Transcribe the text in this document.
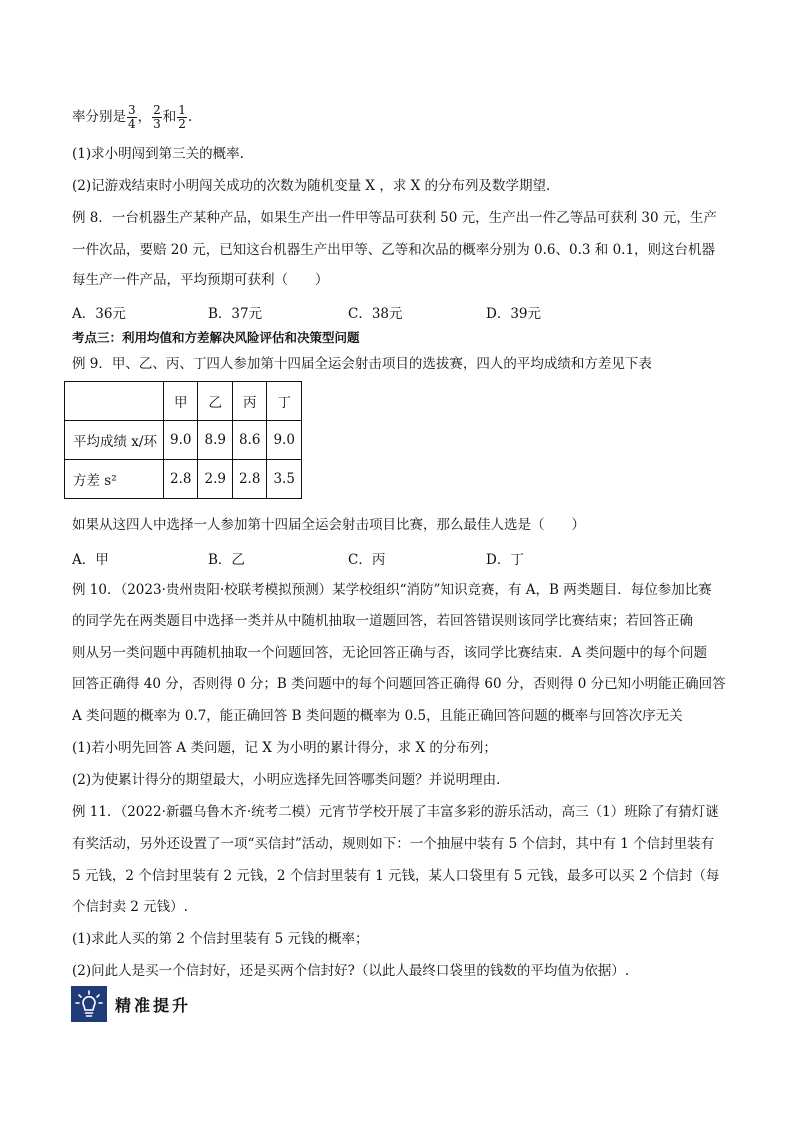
率分别是 $\frac{3}{4}$ ， $\frac{2}{3}$ 和 $\frac{1}{2}$ .
(1)求小明闯到第三关的概率.
(2)记游戏结束时小明闯关成功的次数为随机变量 X ，求 X 的分布列及数学期望.
例 8．一台机器生产某种产品，如果生产出一件甲等品可获利 50 元，生产出一件乙等品可获利 30 元，生产
一件次品，要赔 20 元，已知这台机器生产出甲等、乙等和次品的概率分别为 0.6、0.3 和 0.1，则这台机器
每生产一件产品，平均预期可获利（　　）
A．36元	B．37元	C．38元	D．39元
考点三：利用均值和方差解决风险评估和决策型问题
例 9．甲、乙、丙、丁四人参加第十四届全运会射击项目的选拔赛，四人的平均成绩和方差见下表
	甲	乙	丙	丁
平均成绩 x/环	9.0	8.9	8.6	9.0
方差 s²	2.8	2.9	2.8	3.5
如果从这四人中选择一人参加第十四届全运会射击项目比赛，那么最佳人选是（　　）
A．甲	B．乙	C．丙	D．丁
例 10．（2023·贵州贵阳·校联考模拟预测）某学校组织“消防”知识竞赛，有 A，B 两类题目．每位参加比赛
的同学先在两类题目中选择一类并从中随机抽取一道题回答，若回答错误则该同学比赛结束；若回答正确
则从另一类问题中再随机抽取一个问题回答，无论回答正确与否，该同学比赛结束．A 类问题中的每个问题
回答正确得 40 分，否则得 0 分；B 类问题中的每个问题回答正确得 60 分，否则得 0 分已知小明能正确回答
A 类问题的概率为 0.7，能正确回答 B 类问题的概率为 0.5，且能正确回答问题的概率与回答次序无关
(1)若小明先回答 A 类问题，记 X 为小明的累计得分，求 X 的分布列；
(2)为使累计得分的期望最大，小明应选择先回答哪类问题？并说明理由．
例 11．（2022·新疆乌鲁木齐·统考二模）元宵节学校开展了丰富多彩的游乐活动，高三（1）班除了有猜灯谜
有奖活动，另外还设置了一项“买信封”活动，规则如下：一个抽屉中装有 5 个信封，其中有 1 个信封里装有
5 元钱，2 个信封里装有 2 元钱，2 个信封里装有 1 元钱，某人口袋里有 5 元钱，最多可以买 2 个信封（每
个信封卖 2 元钱）.
(1)求此人买的第 2 个信封里装有 5 元钱的概率；
(2)问此人是买一个信封好，还是买两个信封好?（以此人最终口袋里的钱数的平均值为依据）.
精准提升
